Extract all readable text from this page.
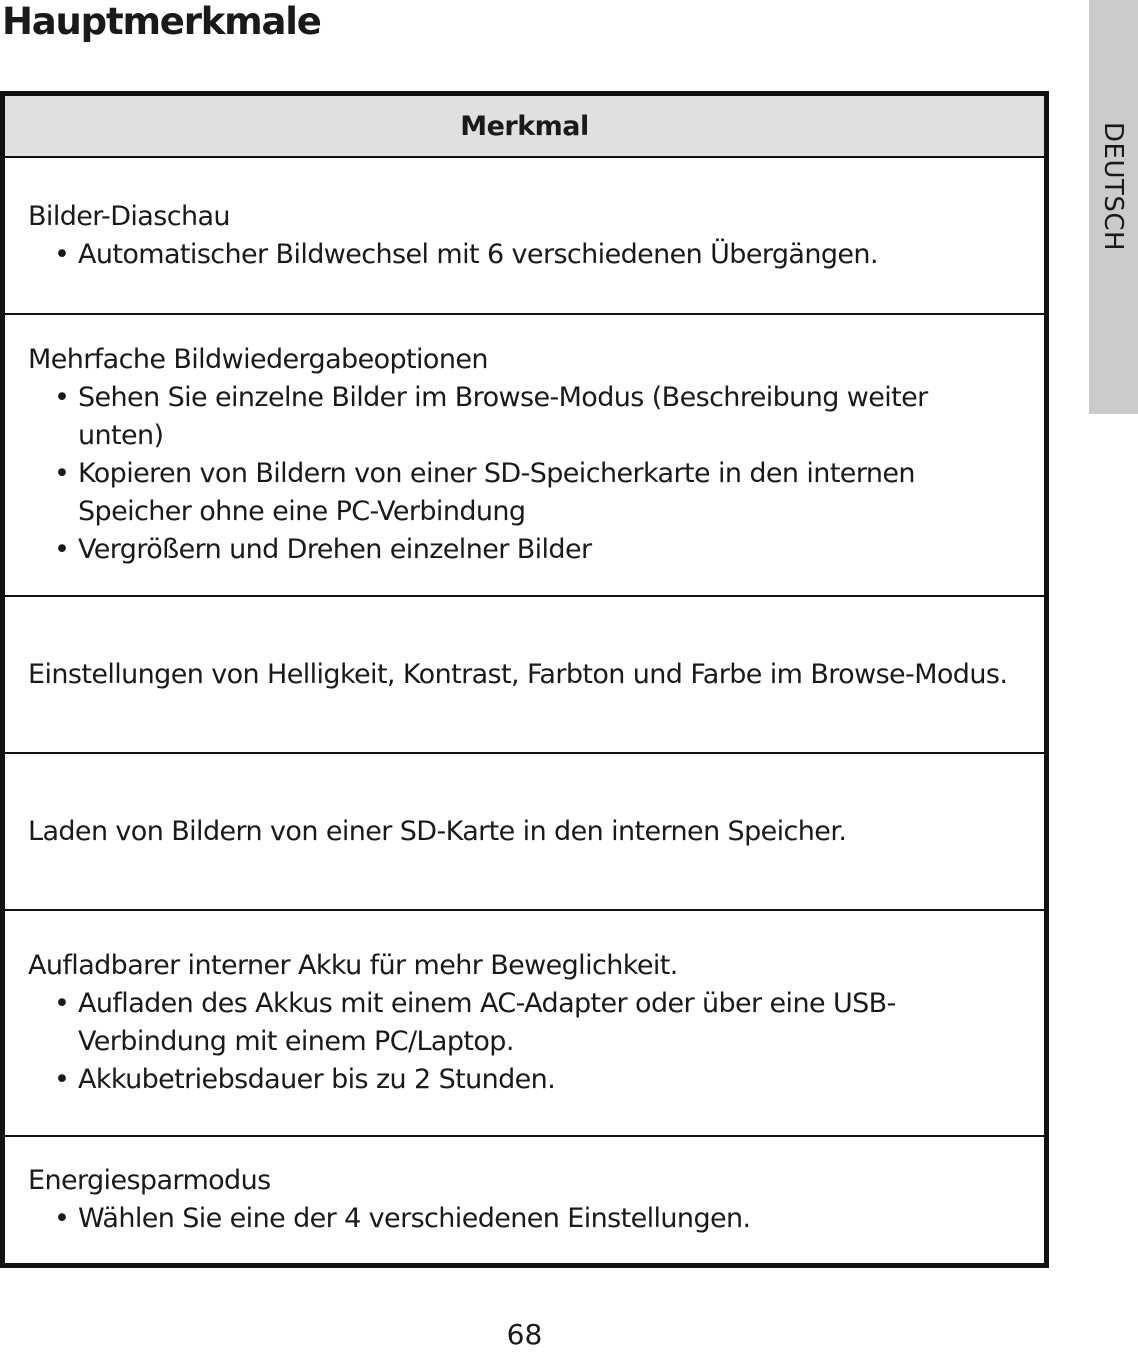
Hauptmerkmale
DEUTSCH
Merkmal
Bilder-Diaschau
• Automatischer Bildwechsel mit 6 verschiedenen Übergängen.
Mehrfache Bildwiedergabeoptionen
• Sehen Sie einzelne Bilder im Browse-Modus (Beschreibung weiter unten)
• Kopieren von Bildern von einer SD-Speicherkarte in den internen Speicher ohne eine PC-Verbindung
• Vergrößern und Drehen einzelner Bilder
Einstellungen von Helligkeit, Kontrast, Farbton und Farbe im Browse-Modus.
Laden von Bildern von einer SD-Karte in den internen Speicher.
Aufladbarer interner Akku für mehr Beweglichkeit.
• Aufladen des Akkus mit einem AC-Adapter oder über eine USB-Verbindung mit einem PC/Laptop.
• Akkubetriebsdauer bis zu 2 Stunden.
Energiesparmodus
• Wählen Sie eine der 4 verschiedenen Einstellungen.
68
